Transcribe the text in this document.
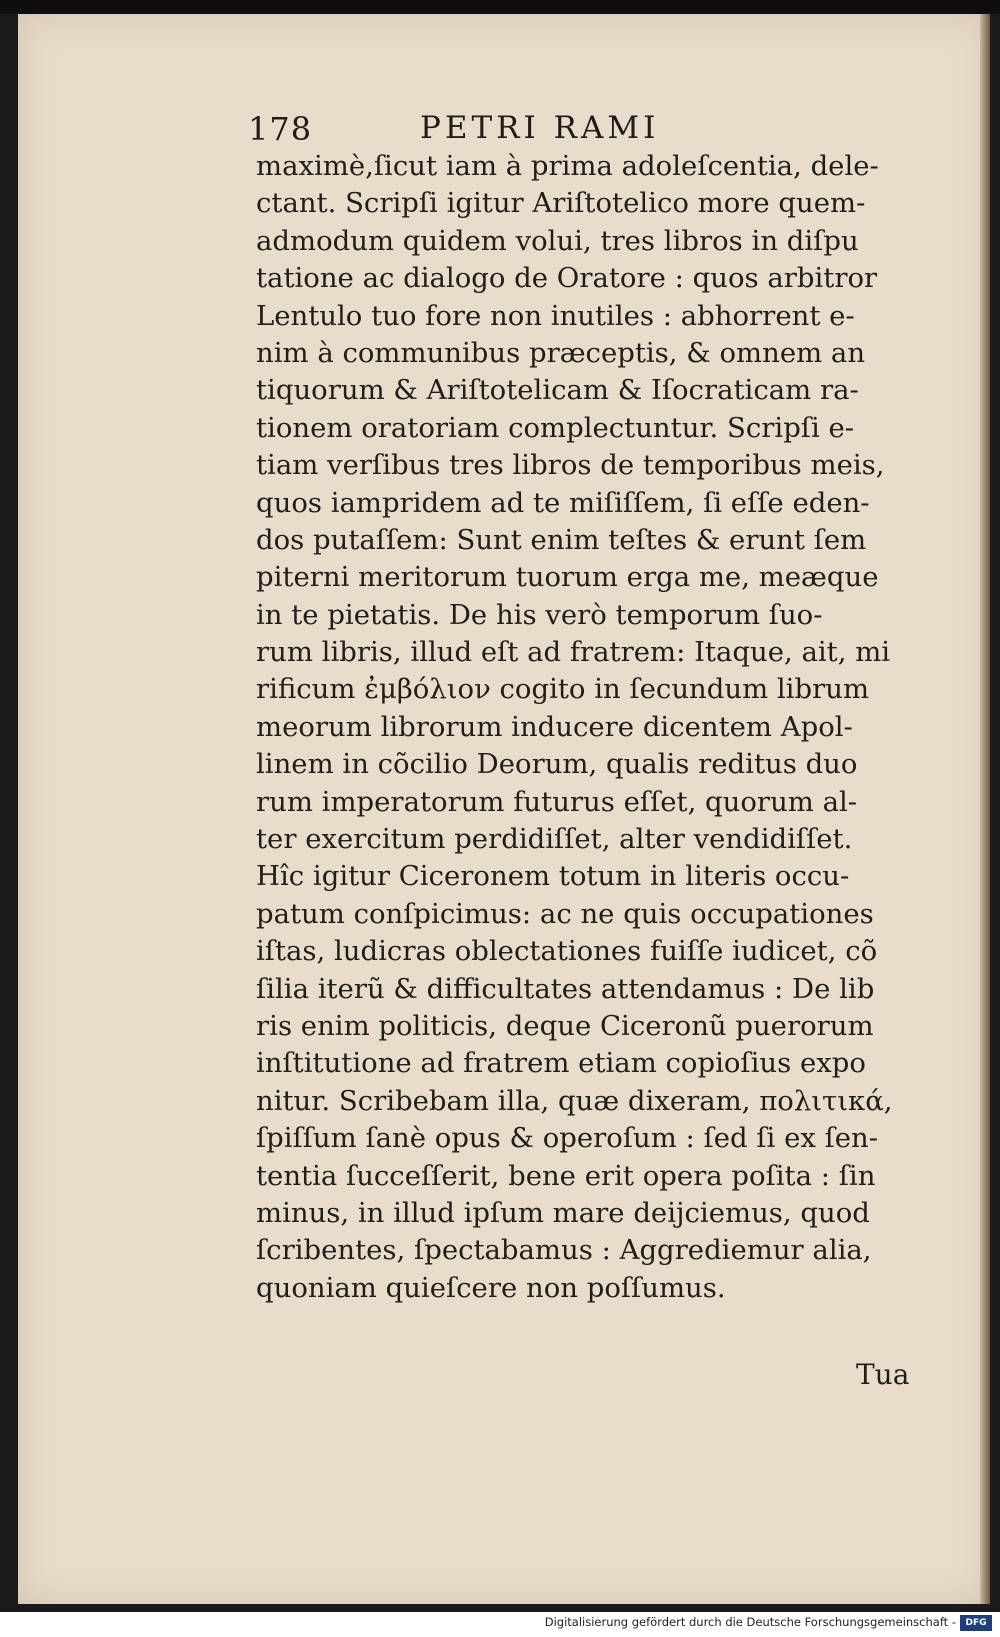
178	PETRI RAMI
maximè,ſicut iam à prima adoleſcentia, dele-
ctant. Scripſi igitur Ariſtotelico more quem-
admodum quidem volui, tres libros in diſpu
tatione ac dialogo de Oratore : quos arbitror
Lentulo tuo fore non inutiles : abhorrent e-
nim à communibus præceptis, & omnem an
tiquorum & Ariſtotelicam & Iſocraticam ra-
tionem oratoriam complectuntur. Scripſi e-
tiam verſibus tres libros de temporibus meis,
quos iampridem ad te miſiſſem, ſi eſſe eden-
dos putaſſem: Sunt enim teſtes & erunt ſem
piterni meritorum tuorum erga me, meæque
in te pietatis. De his verò temporum ſuo-
rum libris, illud eſt ad fratrem: Itaque, ait, mi
rificum ἐμβόλιον cogito in ſecundum librum
meorum librorum inducere dicentem Apol-
linem in cõcilio Deorum, qualis reditus duo
rum imperatorum futurus eſſet, quorum al-
ter exercitum perdidiſſet, alter vendidiſſet.
Hîc igitur Ciceronem totum in literis occu-
patum conſpicimus: ac ne quis occupationes
iſtas, ludicras oblectationes fuiſſe iudicet, cõ
ſilia iterũ & difficultates attendamus : De lib
ris enim politicis, deque Ciceronũ puerorum
inſtitutione ad fratrem etiam copioſius expo
nitur. Scribebam illa, quæ dixeram, πολιτικά,
ſpiſſum ſanè opus & operoſum : ſed ſi ex ſen-
tentia ſucceſſerit, bene erit opera poſita : ſin
minus, in illud ipſum mare deijciemus, quod
ſcribentes, ſpectabamus : Aggrediemur alia,
quoniam quieſcere non poſſumus.
Tua
Digitalisierung gefördert durch die Deutsche Forschungsgemeinschaft -	DFG
